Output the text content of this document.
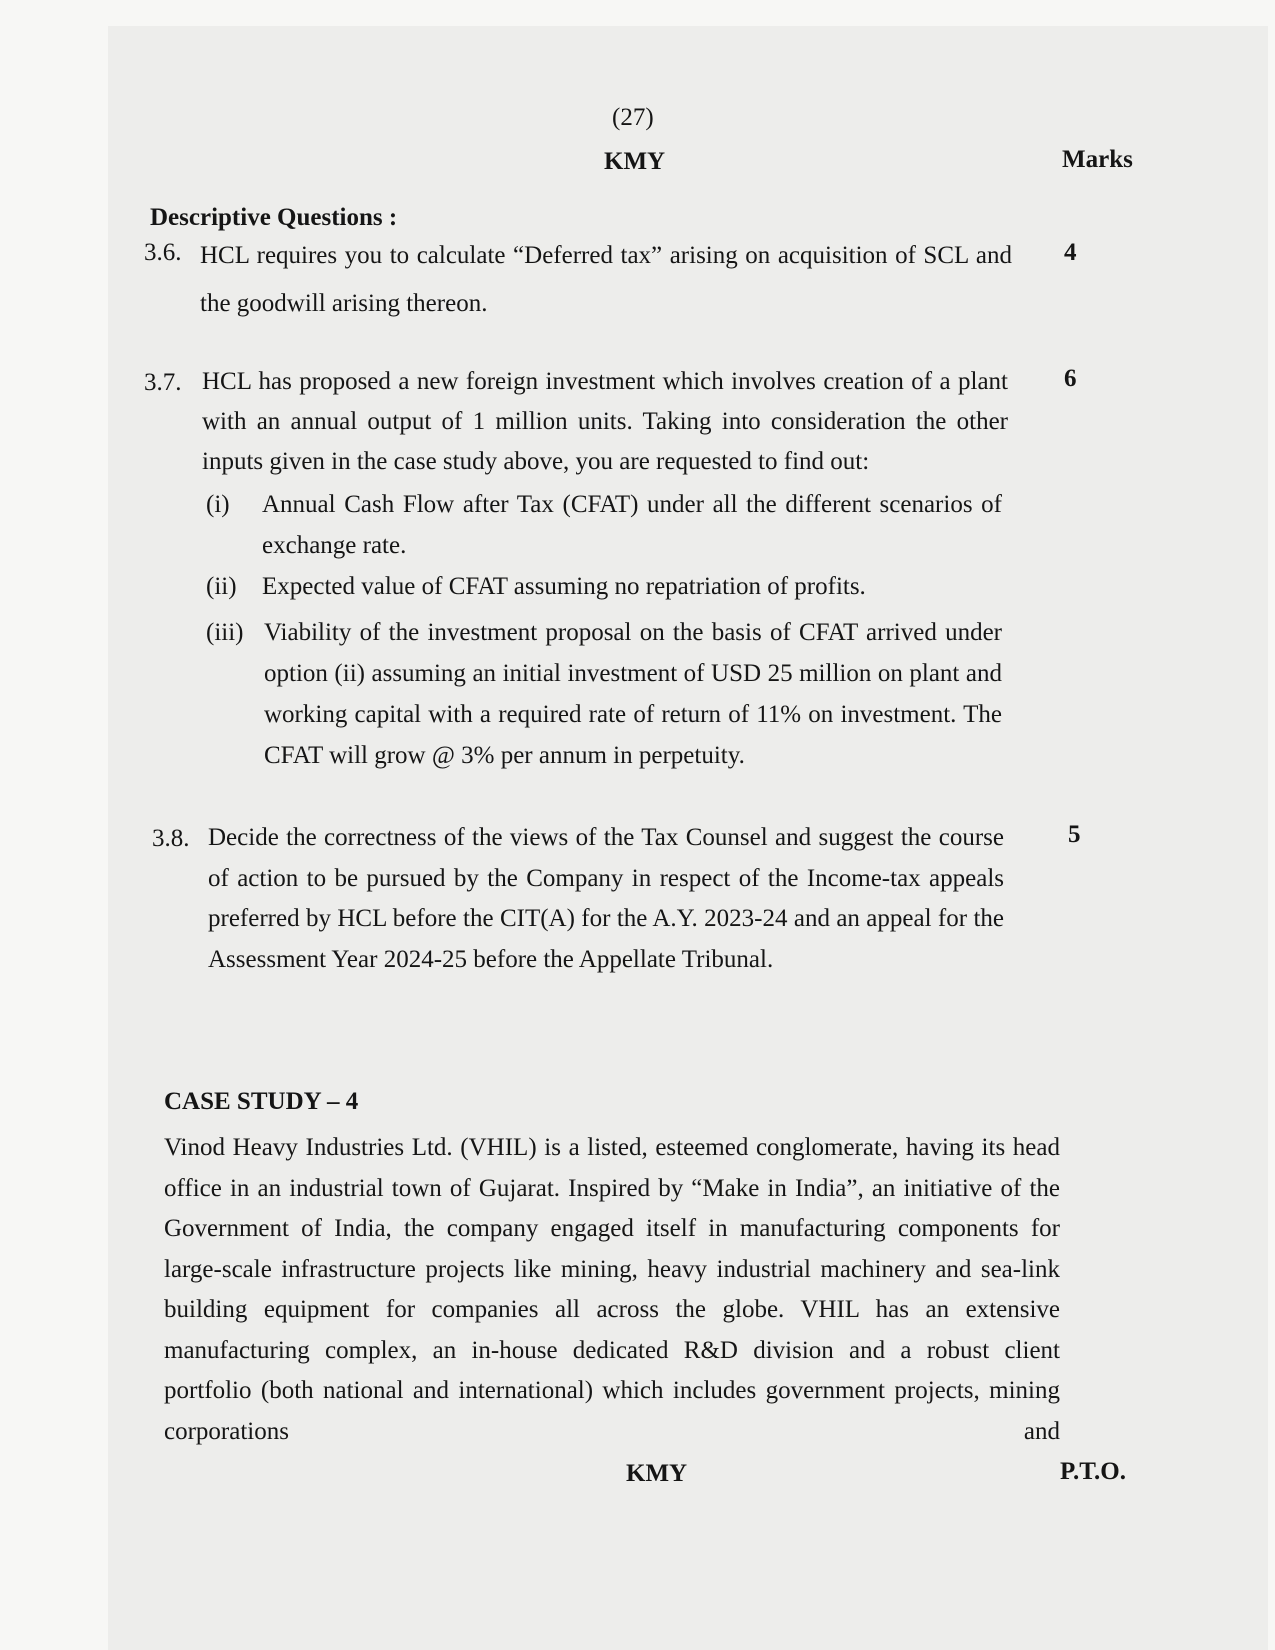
(27)
KMY	Marks
Descriptive Questions :
3.6. HCL requires you to calculate “Deferred tax” arising on acquisition of SCL and the goodwill arising thereon.
4
3.7. HCL has proposed a new foreign investment which involves creation of a plant with an annual output of 1 million units. Taking into consideration the other inputs given in the case study above, you are requested to find out:
6
(i) Annual Cash Flow after Tax (CFAT) under all the different scenarios of exchange rate.
(ii) Expected value of CFAT assuming no repatriation of profits.
(iii) Viability of the investment proposal on the basis of CFAT arrived under option (ii) assuming an initial investment of USD 25 million on plant and working capital with a required rate of return of 11% on investment. The CFAT will grow @ 3% per annum in perpetuity.
3.8. Decide the correctness of the views of the Tax Counsel and suggest the course of action to be pursued by the Company in respect of the Income-tax appeals preferred by HCL before the CIT(A) for the A.Y. 2023-24 and an appeal for the Assessment Year 2024-25 before the Appellate Tribunal.
5
CASE STUDY – 4
Vinod Heavy Industries Ltd. (VHIL) is a listed, esteemed conglomerate, having its head office in an industrial town of Gujarat. Inspired by “Make in India”, an initiative of the Government of India, the company engaged itself in manufacturing components for large-scale infrastructure projects like mining, heavy industrial machinery and sea-link building equipment for companies all across the globe. VHIL has an extensive manufacturing complex, an in-house dedicated R&D division and a robust client portfolio (both national and international) which includes government projects, mining corporations and
KMY	P.T.O.
